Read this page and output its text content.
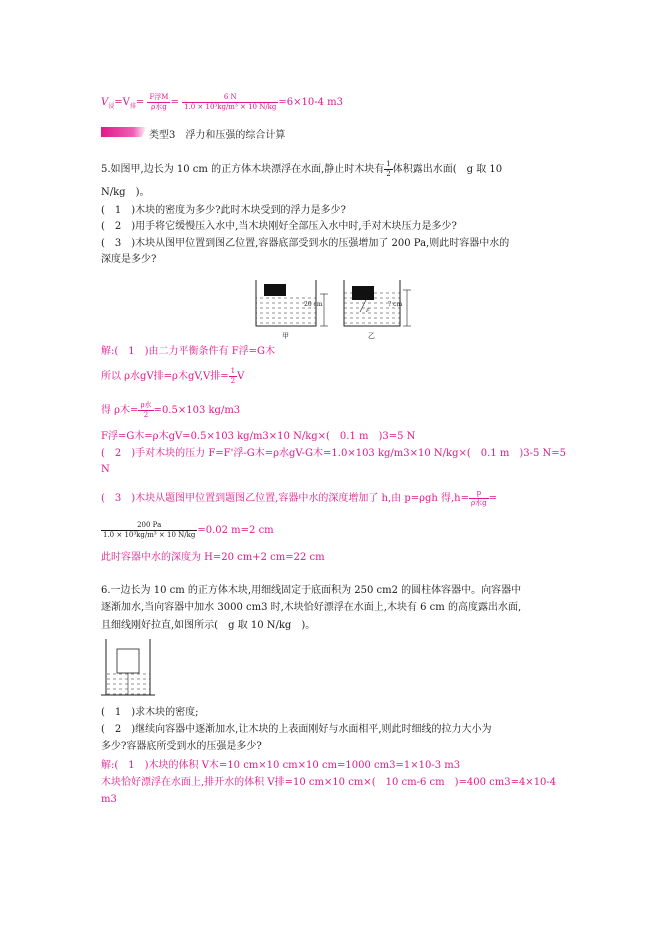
$V_浸=V_排= \frac{\text{F浮M}}{\text{ρ水g}} = \frac{6 N}{\text{1.0 × 10³kg/m³ × 10 N/kg}} =6\times 10-4$ m3
类型3　浮力和压强的综合计算
5.如图甲,边长为 10 cm 的正方体木块漂浮在水面,静止时木块有 $\frac{1}{2}$ 体积露出水面(　g 取 10
N/kg　)。
(　1　)木块的密度为多少?此时木块受到的浮力是多少?
(　2　)用手将它缓慢压入水中,当木块刚好全部压入水中时,手对木块压力是多少?
(　3　)木块从图甲位置到图乙位置,容器底部受到水的压强增加了 200 Pa,则此时容器中水的
深度是多少?
20 cm
F
? cm
甲	乙
解:(　1　)由二力平衡条件有 F浮=G木
所以 ρ水gV排=ρ木gV,V排= $\frac{1}{2}$ V
得 ρ木= $\frac{\text{ρ水}}{2} =0.5\times 103$ kg/m3
F浮=G木=ρ木gV=0.5×103 kg/m3×10 N/kg×(　0.1 m　)3=5 N
(　2　)手对木块的压力 F=F'浮-G木=ρ水gV-G木=1.0×103 kg/m3×10 N/kg×(　0.1 m　)3-5 N=5
N
(　3　)木块从题图甲位置到题图乙位置,容器中水的深度增加了 h,由 p=ρgh 得$,h= \frac{p}{\text{ρ水g}}$ =
$\frac{200 Pa}{\text{1.0 × 10³kg/m³ × 10 N/kg}} =0.02$ m=2 cm
此时容器中水的深度为 H=20 cm+2 cm=22 cm
6.一边长为 10 cm 的正方体木块,用细线固定于底面积为 250 cm2 的圆柱体容器中。向容器中
逐渐加水,当向容器中加水 3000 cm3 时,木块恰好漂浮在水面上,木块有 6 cm 的高度露出水面,
且细线刚好拉直,如图所示(　g 取 10 N/kg　)。
(　1　)求木块的密度;
(　2　)继续向容器中逐渐加水,让木块的上表面刚好与水面相平,则此时细线的拉力大小为
多少?容器底所受到水的压强是多少?
解:(　1　)木块的体积 V木=10 cm×10 cm×10 cm=1000 cm3=1×10-3 m3
木块恰好漂浮在水面上,排开水的体积 V排=10 cm×10 cm×(　10 cm-6 cm　)=400 cm3=4×10-4
m3
